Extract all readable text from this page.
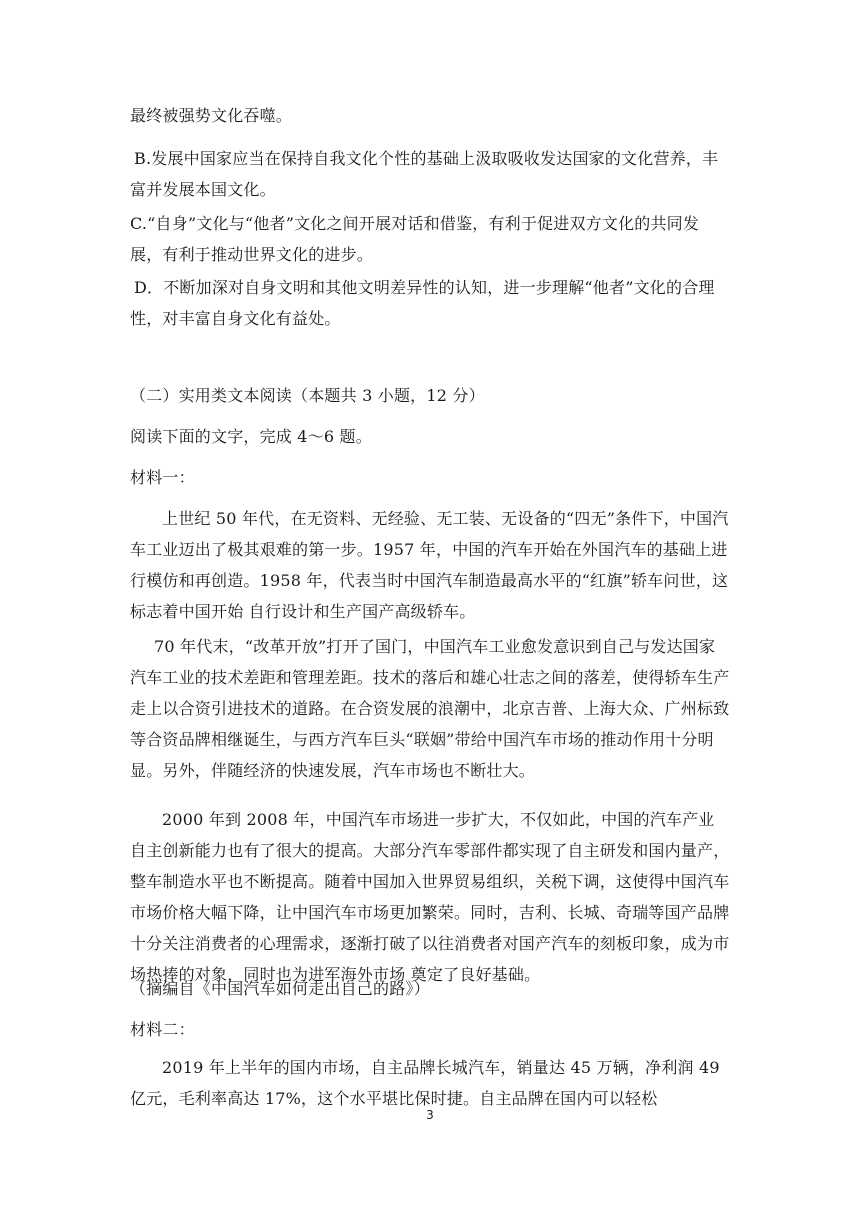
最终被强势文化吞噬。

B.发展中国家应当在保持自我文化个性的基础上汲取吸收发达国家的文化营养，丰富并发展本国文化。

C.“自身”文化与“他者”文化之间开展对话和借鉴，有利于促进双方文化的共同发展，有利于推动世界文化的进步。

D．不断加深对自身文明和其他文明差异性的认知，进一步理解“他者”文化的合理性，对丰富自身文化有益处。

（二）实用类文本阅读（本题共 3 小题，12 分）

阅读下面的文字，完成 4～6 题。

材料一：

上世纪 50 年代，在无资料、无经验、无工装、无设备的“四无”条件下，中国汽车工业迈出了极其艰难的第一步。1957 年，中国的汽车开始在外国汽车的基础上进行模仿和再创造。1958 年，代表当时中国汽车制造最高水平的“红旗”轿车问世，这标志着中国开始 自行设计和生产国产高级轿车。

70 年代末，“改革开放”打开了国门，中国汽车工业愈发意识到自己与发达国家汽车工业的技术差距和管理差距。技术的落后和雄心壮志之间的落差，使得轿车生产走上以合资引进技术的道路。在合资发展的浪潮中，北京吉普、上海大众、广州标致等合资品牌相继诞生，与西方汽车巨头“联姻”带给中国汽车市场的推动作用十分明显。另外，伴随经济的快速发展，汽车市场也不断壮大。

2000 年到 2008 年，中国汽车市场进一步扩大，不仅如此，中国的汽车产业自主创新能力也有了很大的提高。大部分汽车零部件都实现了自主研发和国内量产，整车制造水平也不断提高。随着中国加入世界贸易组织，关税下调，这使得中国汽车市场价格大幅下降，让中国汽车市场更加繁荣。同时，吉利、长城、奇瑞等国产品牌十分关注消费者的心理需求，逐渐打破了以往消费者对国产汽车的刻板印象，成为市场热捧的对象，同时也为进军海外市场 奠定了良好基础。

（摘编自《中国汽车如何走出自己的路》）

材料二：

2019 年上半年的国内市场，自主品牌长城汽车，销量达 45 万辆，净利润 49 亿元，毛利率高达 17%，这个水平堪比保时捷。自主品牌在国内可以轻松

3
